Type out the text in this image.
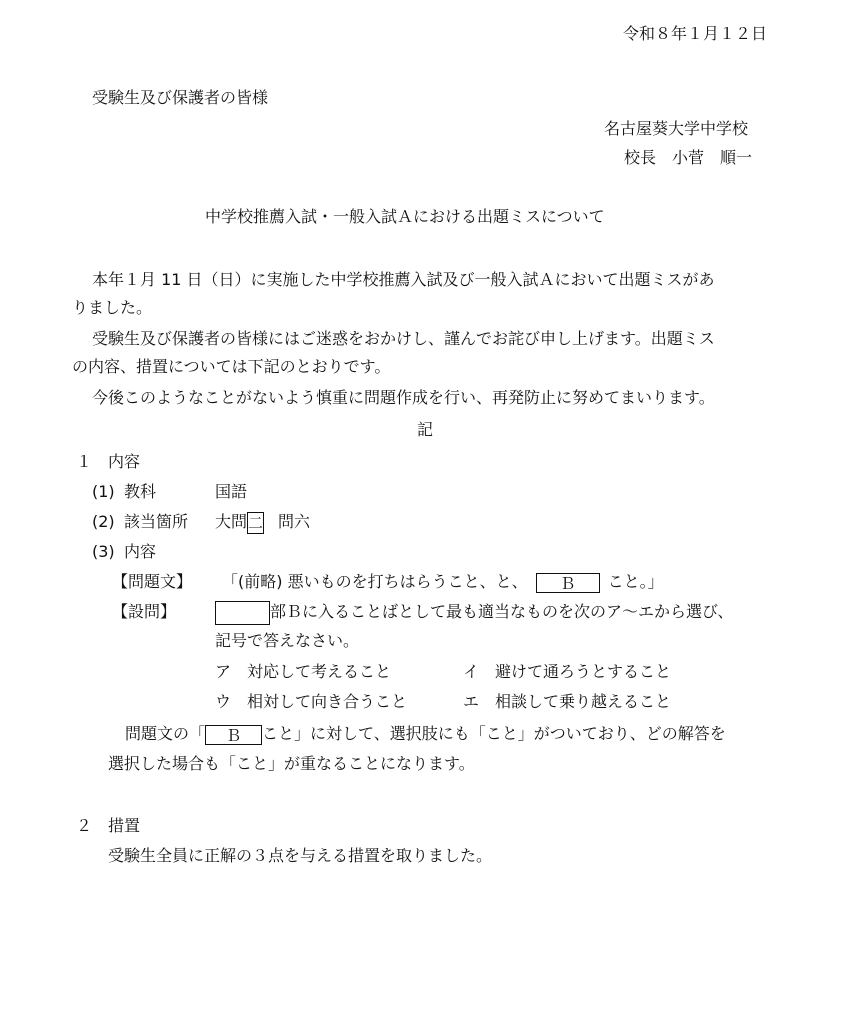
令和８年１月１２日
受験生及び保護者の皆様
名古屋葵大学中学校
校長　小菅　順一
中学校推薦入試・一般入試Ａにおける出題ミスについて
本年１月 11 日（日）に実施した中学校推薦入試及び一般入試Ａにおいて出題ミスがあ
りました。
受験生及び保護者の皆様にはご迷惑をおかけし、謹んでお詫び申し上げます。出題ミス
の内容、措置については下記のとおりです。
今後このようなことがないよう慎重に問題作成を行い、再発防止に努めてまいります。
記
１　内容
(1) 教科	国語
(2) 該当箇所 大問二 問六
(3) 内容
【問題文】 「(前略) 悪いものを打ちはらうこと、と、 Ｂ こと。」
【設問】	部Ｂに入ることばとして最も適当なものを次のア～エから選び、
記号で答えなさい。
ア　対応して考えること	イ　避けて通ろうとすること
ウ　相対して向き合うこと	エ　相談して乗り越えること
問題文の「 Ｂ こと」に対して、選択肢にも「こと」がついており、どの解答を
選択した場合も「こと」が重なることになります。
２　措置
受験生全員に正解の３点を与える措置を取りました。
